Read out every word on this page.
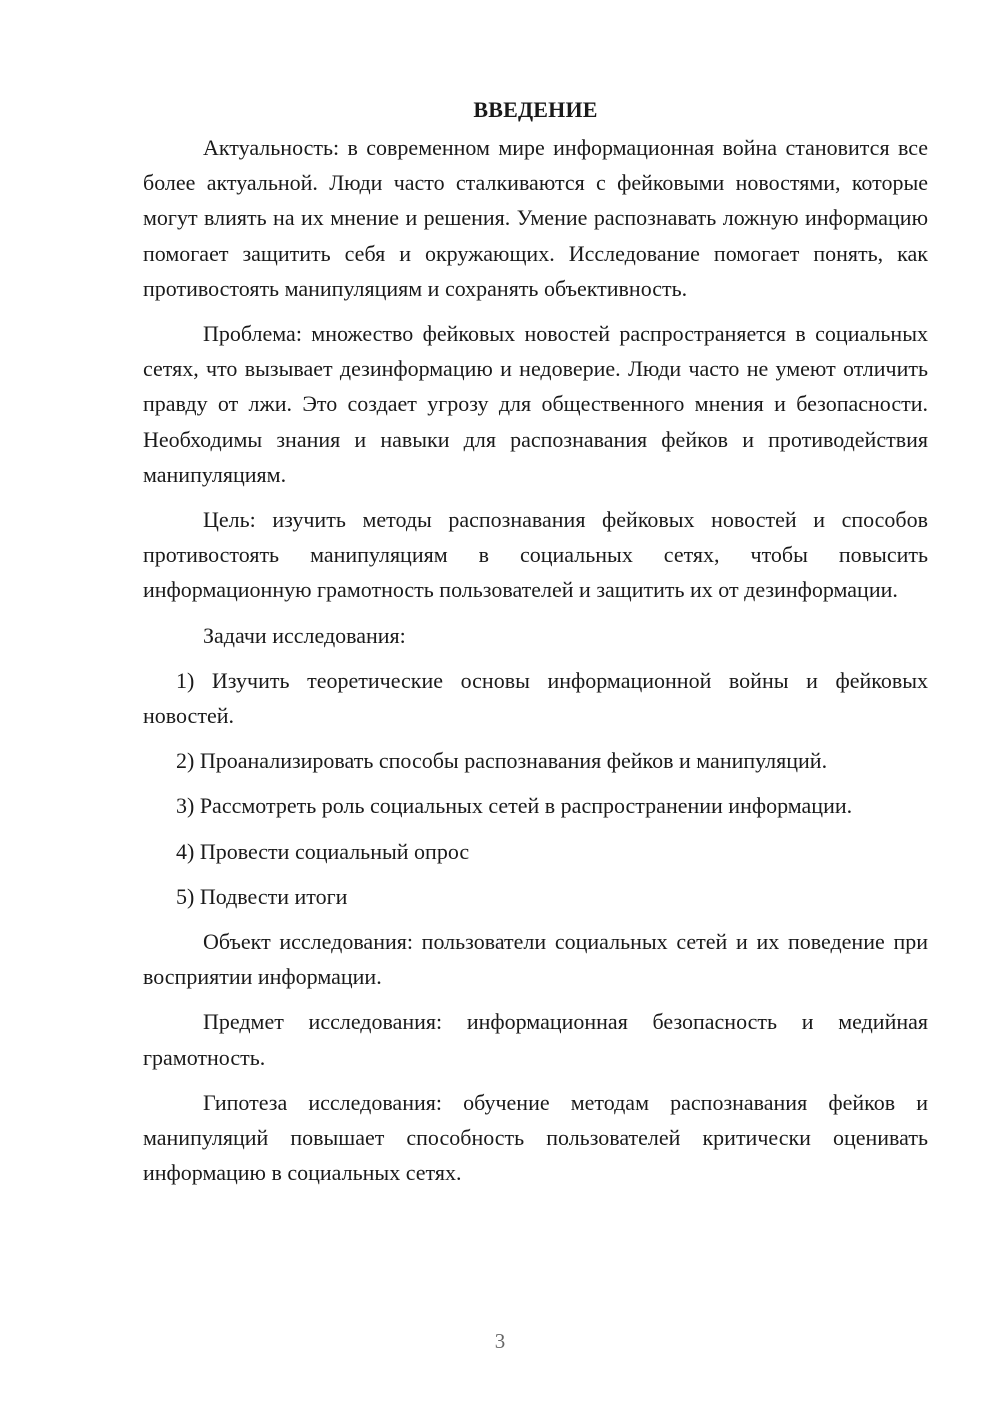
ВВЕДЕНИЕ

Актуальность: в современном мире информационная война становится все более актуальной. Люди часто сталкиваются с фейковыми новостями, которые могут влиять на их мнение и решения. Умение распознавать ложную информацию помогает защитить себя и окружающих. Исследование помогает понять, как противостоять манипуляциям и сохранять объективность.

Проблема: множество фейковых новостей распространяется в социальных сетях, что вызывает дезинформацию и недоверие. Люди часто не умеют отличить правду от лжи. Это создает угрозу для общественного мнения и безопасности. Необходимы знания и навыки для распознавания фейков и противодействия манипуляциям.

Цель: изучить методы распознавания фейковых новостей и способов противостоять манипуляциям в социальных сетях, чтобы повысить информационную грамотность пользователей и защитить их от дезинформации.

Задачи исследования:

1) Изучить теоретические основы информационной войны и фейковых новостей.

2) Проанализировать способы распознавания фейков и манипуляций.

3) Рассмотреть роль социальных сетей в распространении информации.

4) Провести социальный опрос

5) Подвести итоги

Объект исследования: пользователи социальных сетей и их поведение при восприятии информации.

Предмет исследования: информационная безопасность и медийная грамотность.

Гипотеза исследования: обучение методам распознавания фейков и манипуляций повышает способность пользователей критически оценивать информацию в социальных сетях.

3
